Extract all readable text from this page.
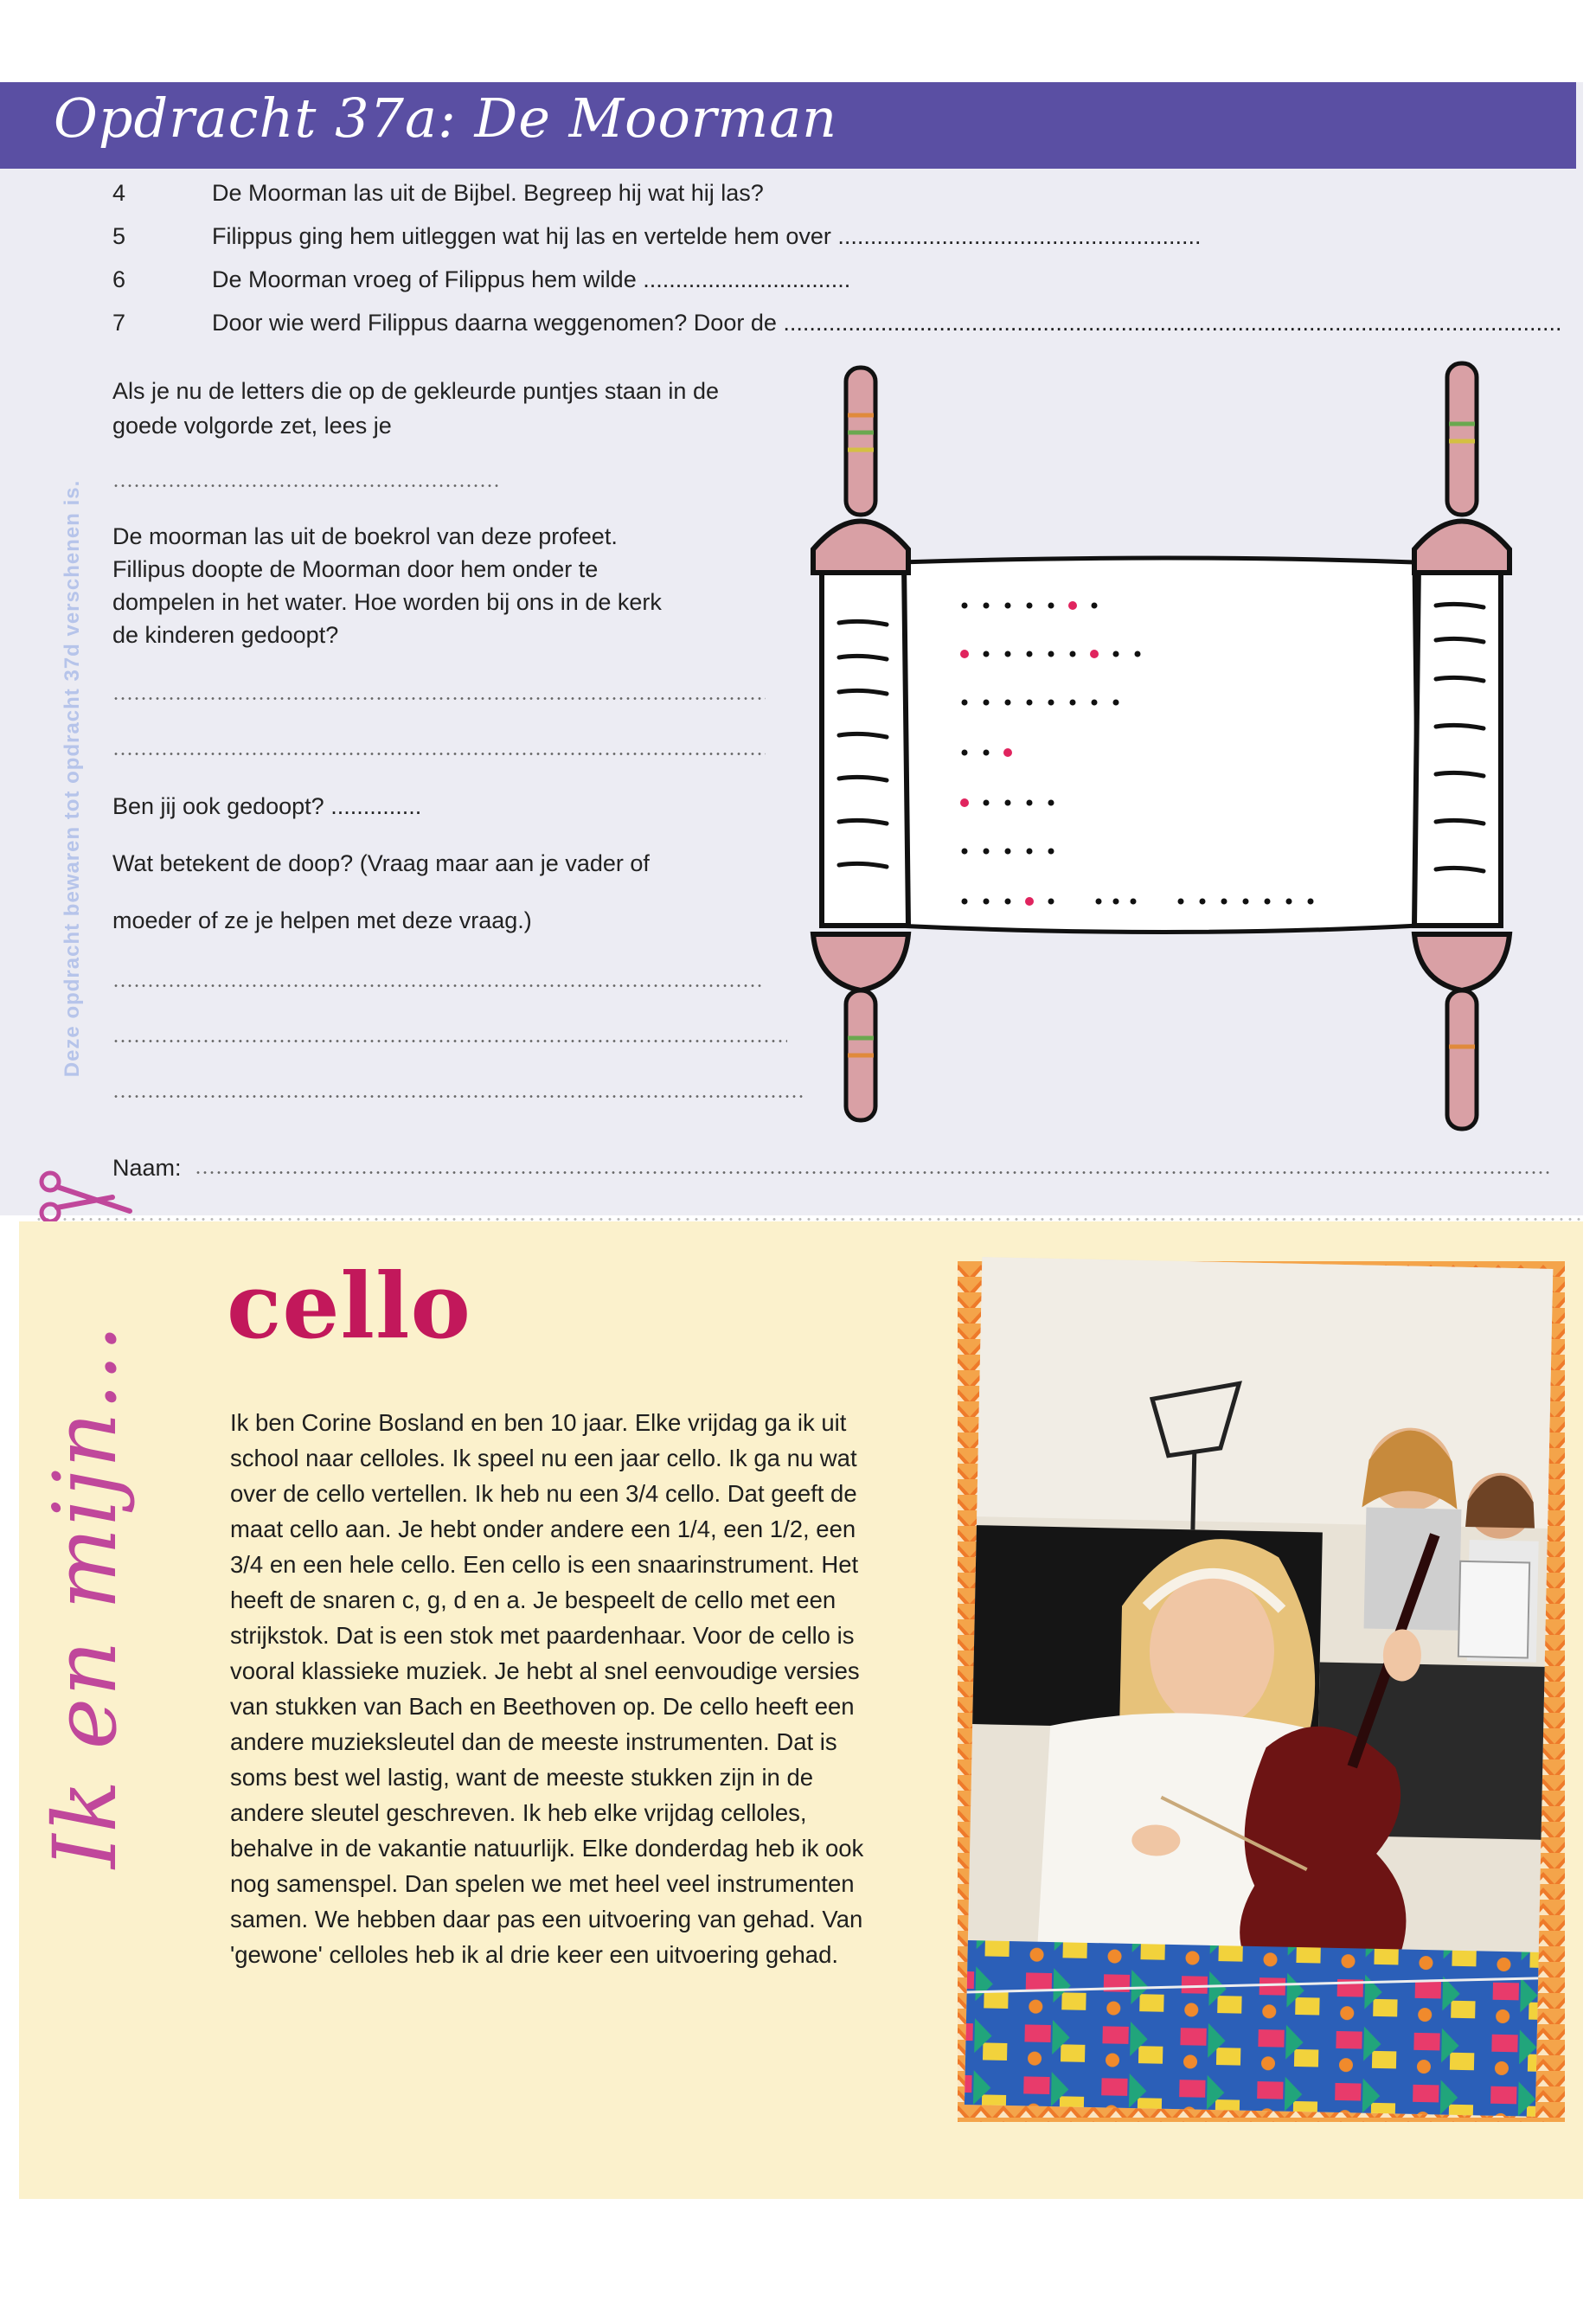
Opdracht 37a: De Moorman
Deze opdracht bewaren tot opdracht 37d verschenen is.
4	De Moorman las uit de Bijbel. Begreep hij wat hij las?
5	Filippus ging hem uitleggen wat hij las en vertelde hem over ........................................................
6	De Moorman vroeg of Filippus hem wilde ................................
7	Door wie werd Filippus daarna weggenomen? Door de ........................................................................................................................
Als je nu de letters die op de gekleurde puntjes staan in de
goede volgorde zet, lees je
De moorman las uit de boekrol van deze profeet.
Fillipus doopte de Moorman door hem onder te
dompelen in het water. Hoe worden bij ons in de kerk
de kinderen gedoopt?
Ben jij ook gedoopt? ..............
Wat betekent de doop? (Vraag maar aan je vader of
moeder of ze je helpen met deze vraag.)
Naam:
Ik en mijn...
cello
Ik ben Corine Bosland en ben 10 jaar. Elke vrijdag ga ik uit school naar celloles. Ik speel nu een jaar cello. Ik ga nu wat over de cello vertellen. Ik heb nu een 3/4 cello. Dat geeft de maat cello aan. Je hebt onder andere een 1/4, een 1/2, een 3/4 en een hele cello. Een cello is een snaarinstrument. Het heeft de snaren c, g, d en a. Je bespeelt de cello met een strijkstok. Dat is een stok met paardenhaar. Voor de cello is vooral klassieke muziek. Je hebt al snel eenvoudige versies van stukken van Bach en Beethoven op. De cello heeft een andere muzieksleutel dan de meeste instrumenten. Dat is soms best wel lastig, want de meeste stukken zijn in de andere sleutel geschreven. Ik heb elke vrijdag celloles, behalve in de vakantie natuurlijk. Elke donderdag heb ik ook nog samenspel. Dan spelen we met heel veel instrumenten samen. We hebben daar pas een uitvoering van gehad. Van 'gewone' celloles heb ik al drie keer een uitvoering gehad.
